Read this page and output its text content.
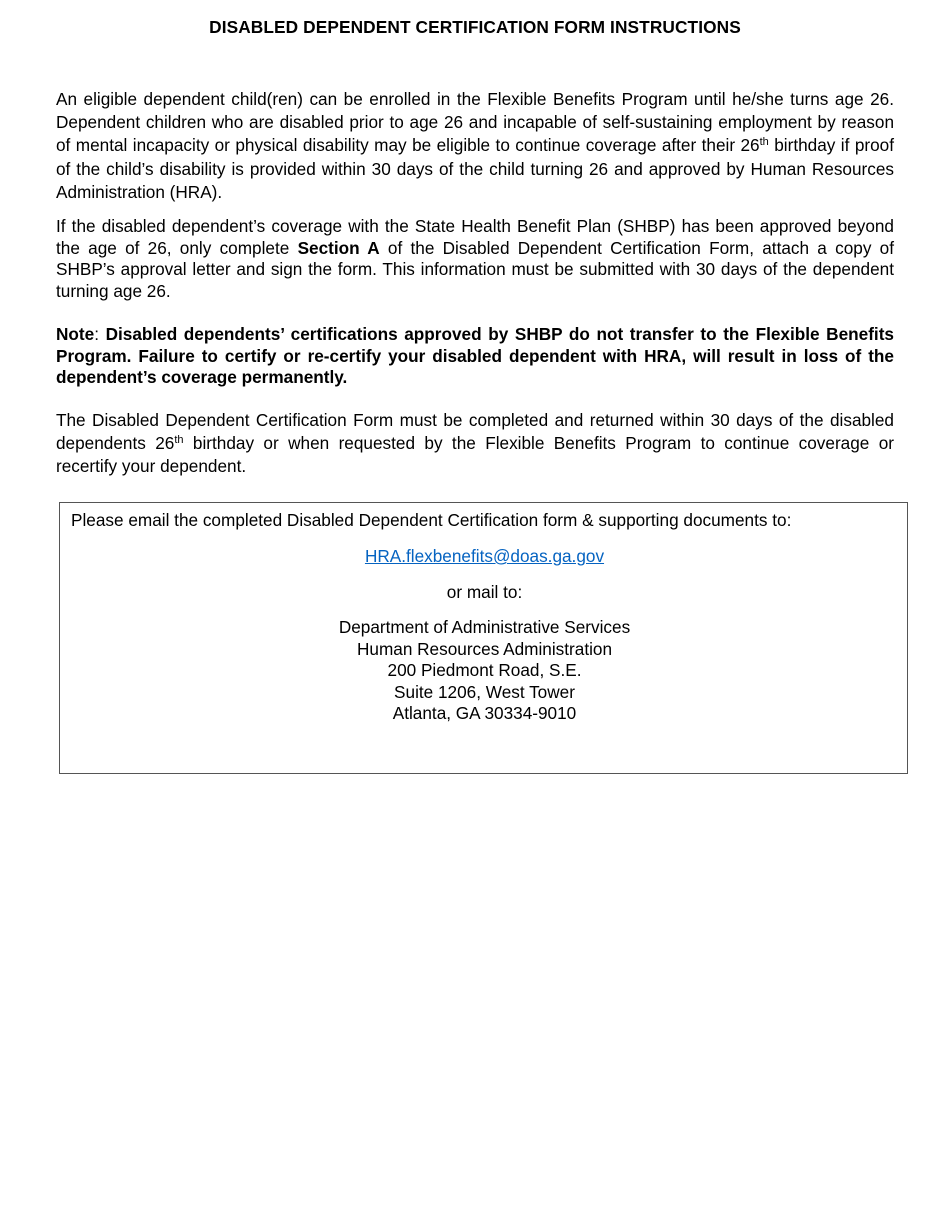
DISABLED DEPENDENT CERTIFICATION FORM INSTRUCTIONS

An eligible dependent child(ren) can be enrolled in the Flexible Benefits Program until he/she turns age 26. Dependent children who are disabled prior to age 26 and incapable of self-sustaining employment by reason of mental incapacity or physical disability may be eligible to continue coverage after their 26th birthday if proof of the child’s disability is provided within 30 days of the child turning 26 and approved by Human Resources Administration (HRA).

If the disabled dependent’s coverage with the State Health Benefit Plan (SHBP) has been approved beyond the age of 26, only complete Section A of the Disabled Dependent Certification Form, attach a copy of SHBP’s approval letter and sign the form. This information must be submitted with 30 days of the dependent turning age 26.

Note: Disabled dependents’ certifications approved by SHBP do not transfer to the Flexible Benefits Program. Failure to certify or re-certify your disabled dependent with HRA, will result in loss of the dependent’s coverage permanently.

The Disabled Dependent Certification Form must be completed and returned within 30 days of the disabled dependents 26th birthday or when requested by the Flexible Benefits Program to continue coverage or recertify your dependent.

Please email the completed Disabled Dependent Certification form & supporting documents to:
HRA.flexbenefits@doas.ga.gov
or mail to:
Department of Administrative Services
Human Resources Administration
200 Piedmont Road, S.E.
Suite 1206, West Tower
Atlanta, GA 30334-9010
